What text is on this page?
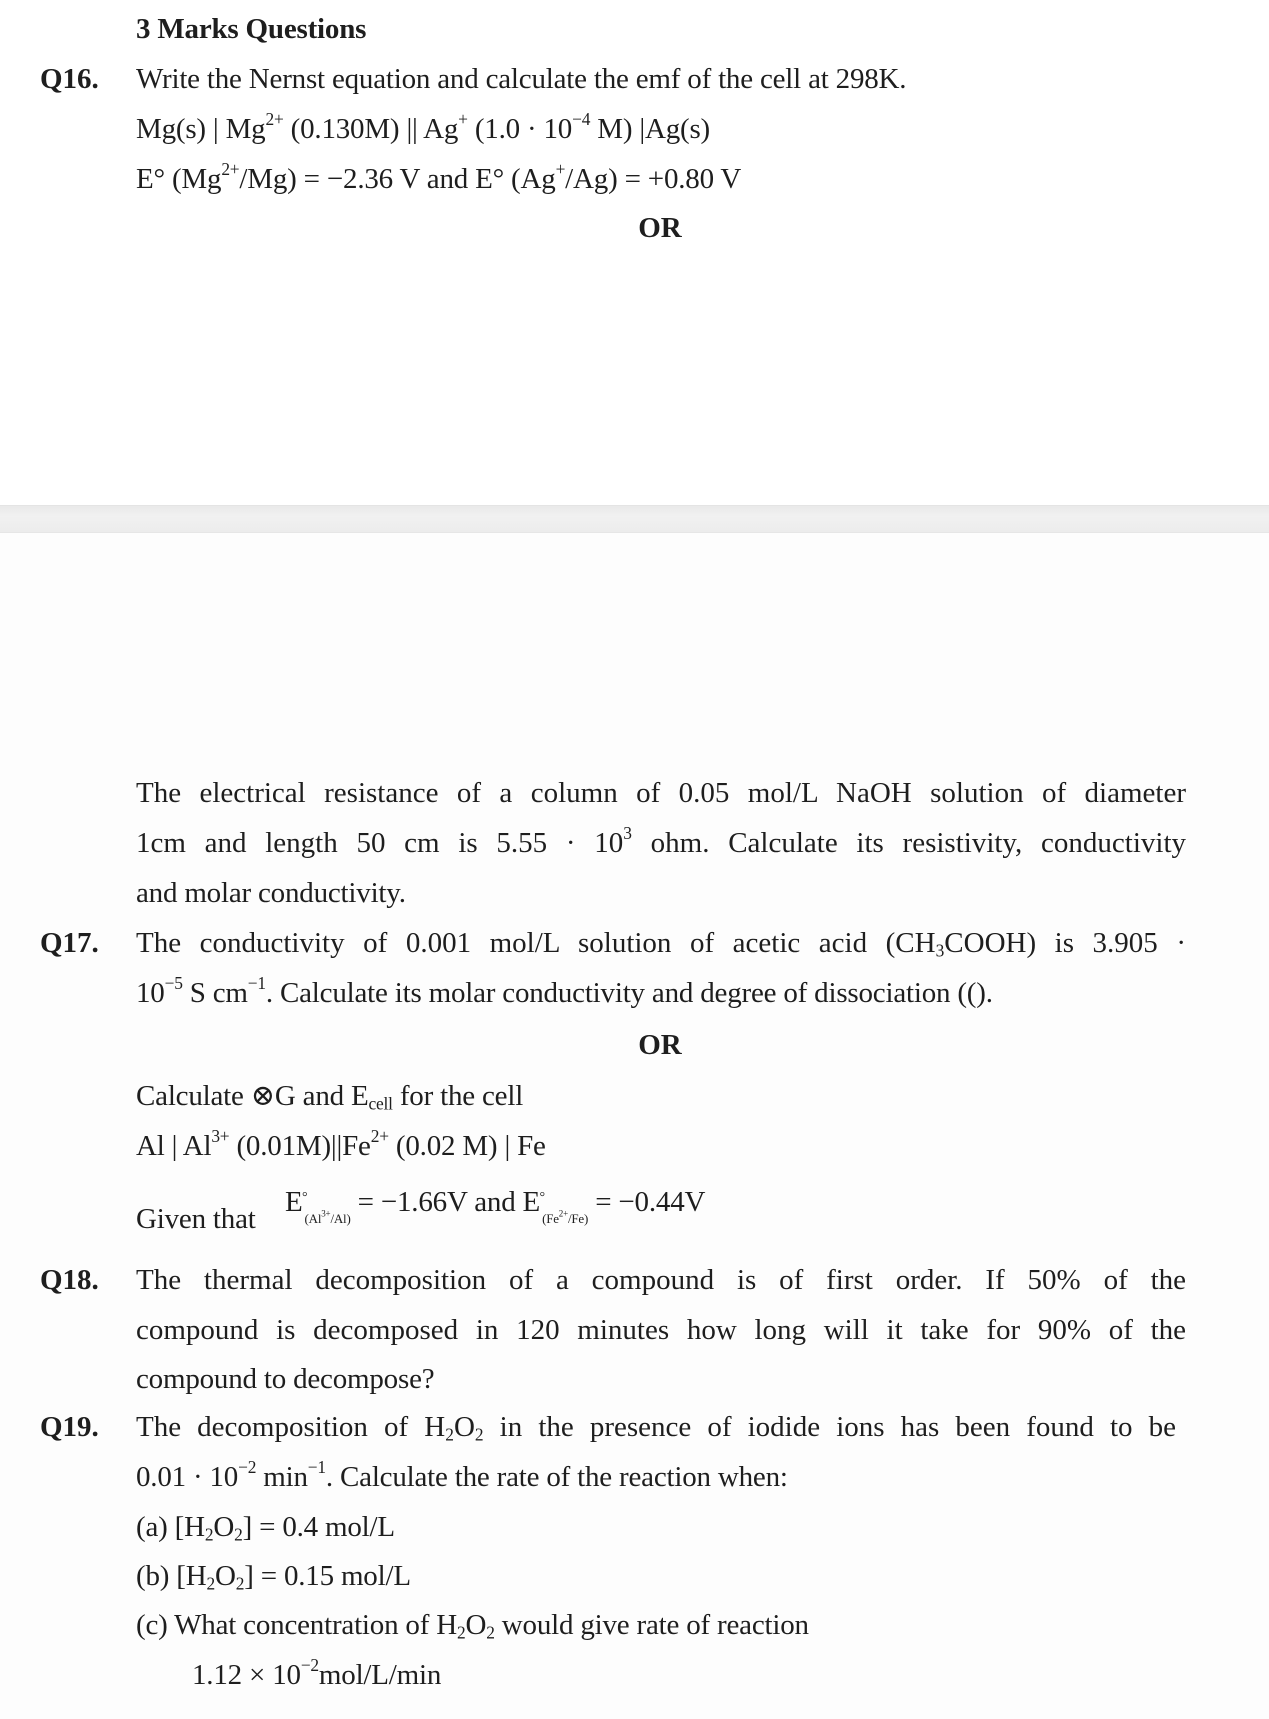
3 Marks Questions
Q16. Write the Nernst equation and calculate the emf of the cell at 298K.
Mg(s) | $Mg^{2+}$ (0.130M) || Ag+ ($1.0 \cdot 10^{-4}$ M) |Ag(s)
E° $(Mg^{2+}/Mg) = -2.36$ V and E° (Ag+/Ag) = +0.80 V
OR
The electrical resistance of a column of 0.05 mol/L NaOH solution of diameter
1cm and length 50 cm is $5.55 \cdot 10^3$ ohm. Calculate its resistivity, conductivity
and molar conductivity.
Q17. The conductivity of 0.001 mol/L solution of acetic acid $(CH_3COOH)$ is 3.905 ·
$10^{-5}$ S $cm^{-1}$. Calculate its molar conductivity and degree of dissociation (().
OR
Calculate ⊗G and $E_{cell}$ for the cell
Al | $Al^{3+}$ $(0.01M)||Fe^{2+}$ (0.02 M) | Fe
Given that
E °
$_{(Al^{3+}/Al)}$ = −1.66V and E °
$_{(Fe^{2+}/Fe)}$ = −0.44V
Q18. The thermal decomposition of a compound is of first order. If 50% of the
compound is decomposed in 120 minutes how long will it take for 90% of the
compound to decompose?
Q19. The decomposition of $H_2O_2$ in the presence of iodide ions has been found to be
$0.01 \cdot 10^{-2}$ $\min^{-1}$. Calculate the rate of the reaction when:
(a) $[H_2O_2] = 0.4$ mol/L
(b) $[H_2O_2] = 0.15$ mol/L
(c) What concentration of $H_2O_2$ would give rate of reaction
$1.12 \times 10^{-2}mol/L/\min$
